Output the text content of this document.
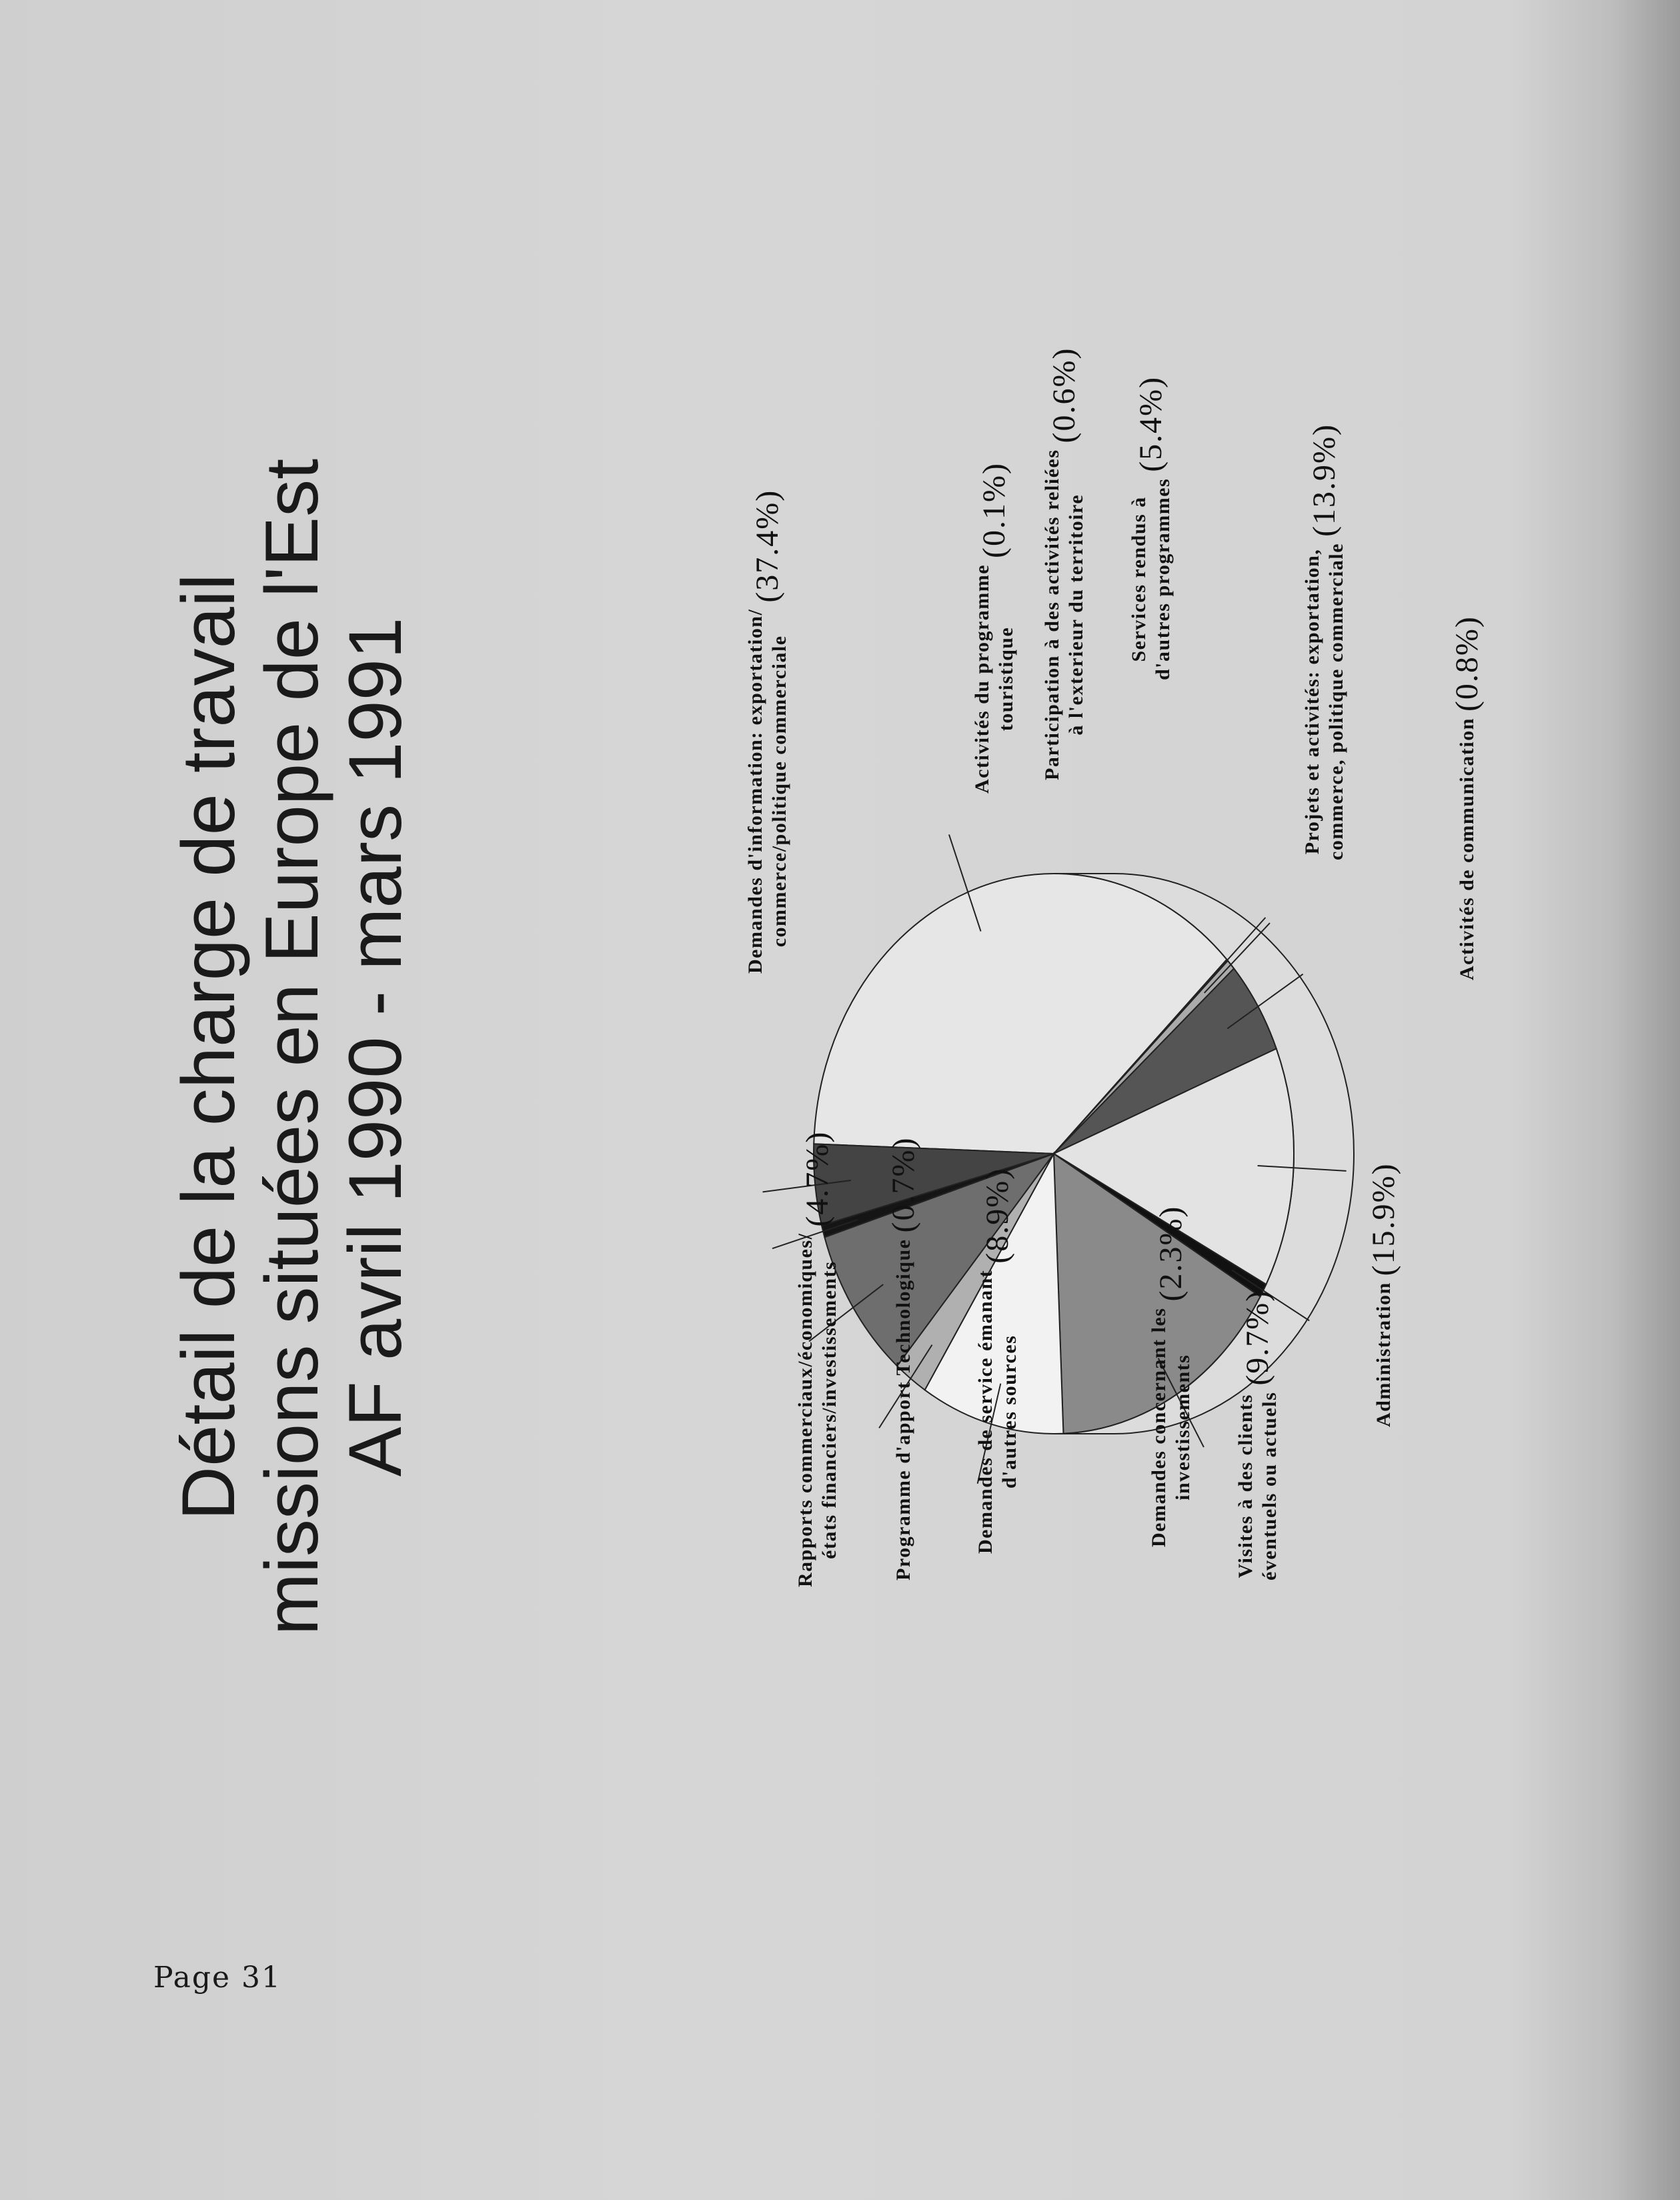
Page 31
Détail de la charge de travail missions situées en Europe de l'Est AF avril 1990 - mars 1991	Demandes d'information: exportation/ commerce/politique commerciale
(37.4%)
Activités du programme touristique
(0.1%)	Participation à des activités reliées à l'exterieur du territoire
(0.6%)
Services rendus à d'autres programmes
(5.4%)
Projets et activités: exportation, commerce, politique commerciale
(13.9%)
Activités de communication (0.8%)
Administration (15.9%)
Visites à des clients éventuels ou actuels
(9.7%)
Demandes concernant les investissements
(2.3%)
Demandes de service émanant d'autres sources
(8.9%)
Programme d'apport Technologique (0.7%)
Rapports commerciaux/économiques/ états financiers/investissements
(4.7%)
